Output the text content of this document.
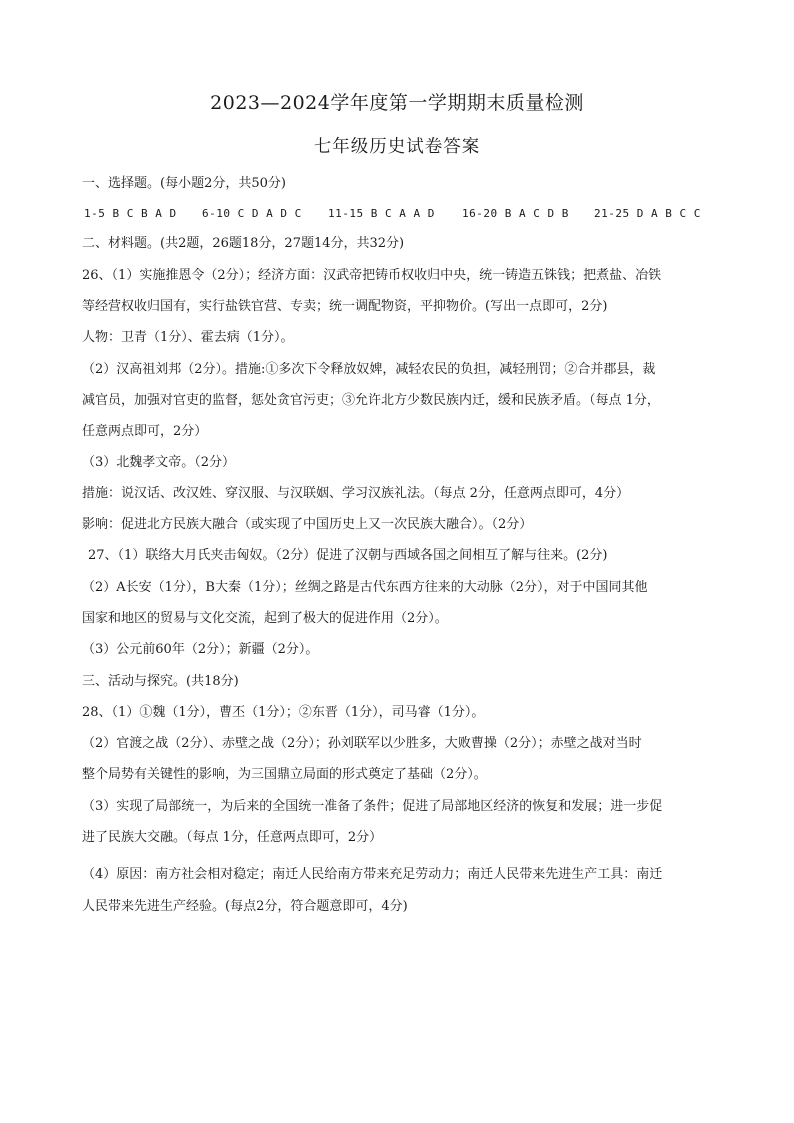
2023—2024学年度第一学期期末质量检测
七年级历史试卷答案
一、选择题。(每小题2分，共50分)
1-5 B C B A D 6-10 C D A D C 11-15 B C A A D 16-20 B A C D B 21-25 D A B C C
二、材料题。(共2题，26题18分，27题14分，共32分)
26、（1）实施推恩令（2分）；经济方面：汉武帝把铸币权收归中央，统一铸造五铢钱；把煮盐、冶铁
等经营权收归国有，实行盐铁官营、专卖；统一调配物资，平抑物价。(写出一点即可，2分)
人物：卫青（1分）、霍去病（1分）。
（2）汉高祖刘邦（2分）。措施:①多次下令释放奴婢，减轻农民的负担，减轻刑罚；②合并郡县，裁
减官员，加强对官吏的监督，惩处贪官污吏；③允许北方少数民族内迁，缓和民族矛盾。（每点 1分，
任意两点即可，2分）
（3）北魏孝文帝。（2分）
措施：说汉话、改汉姓、穿汉服、与汉联姻、学习汉族礼法。（每点 2分，任意两点即可，4分）
影响：促进北方民族大融合（或实现了中国历史上又一次民族大融合）。（2分）
27、（1）联络大月氏夹击匈奴。（2分）促进了汉朝与西域各国之间相互了解与往来。(2分)
（2）A长安（1分），B大秦（1分）；丝绸之路是古代东西方往来的大动脉（2分），对于中国同其他
国家和地区的贸易与文化交流，起到了极大的促进作用（2分）。
（3）公元前60年（2分）；新疆（2分）。
三、活动与探究。(共18分)
28、（1）①魏（1分），曹丕（1分）；②东晋（1分），司马睿（1分）。
（2）官渡之战（2分）、赤壁之战（2分）；孙刘联军以少胜多，大败曹操（2分）；赤壁之战对当时
整个局势有关键性的影响，为三国鼎立局面的形式奠定了基础（2分）。
（3）实现了局部统一，为后来的全国统一准备了条件；促进了局部地区经济的恢复和发展；进一步促
进了民族大交融。（每点 1分，任意两点即可，2分）
（4）原因：南方社会相对稳定；南迁人民给南方带来充足劳动力；南迁人民带来先进生产工具：南迁
人民带来先进生产经验。(每点2分，符合题意即可，4分)
